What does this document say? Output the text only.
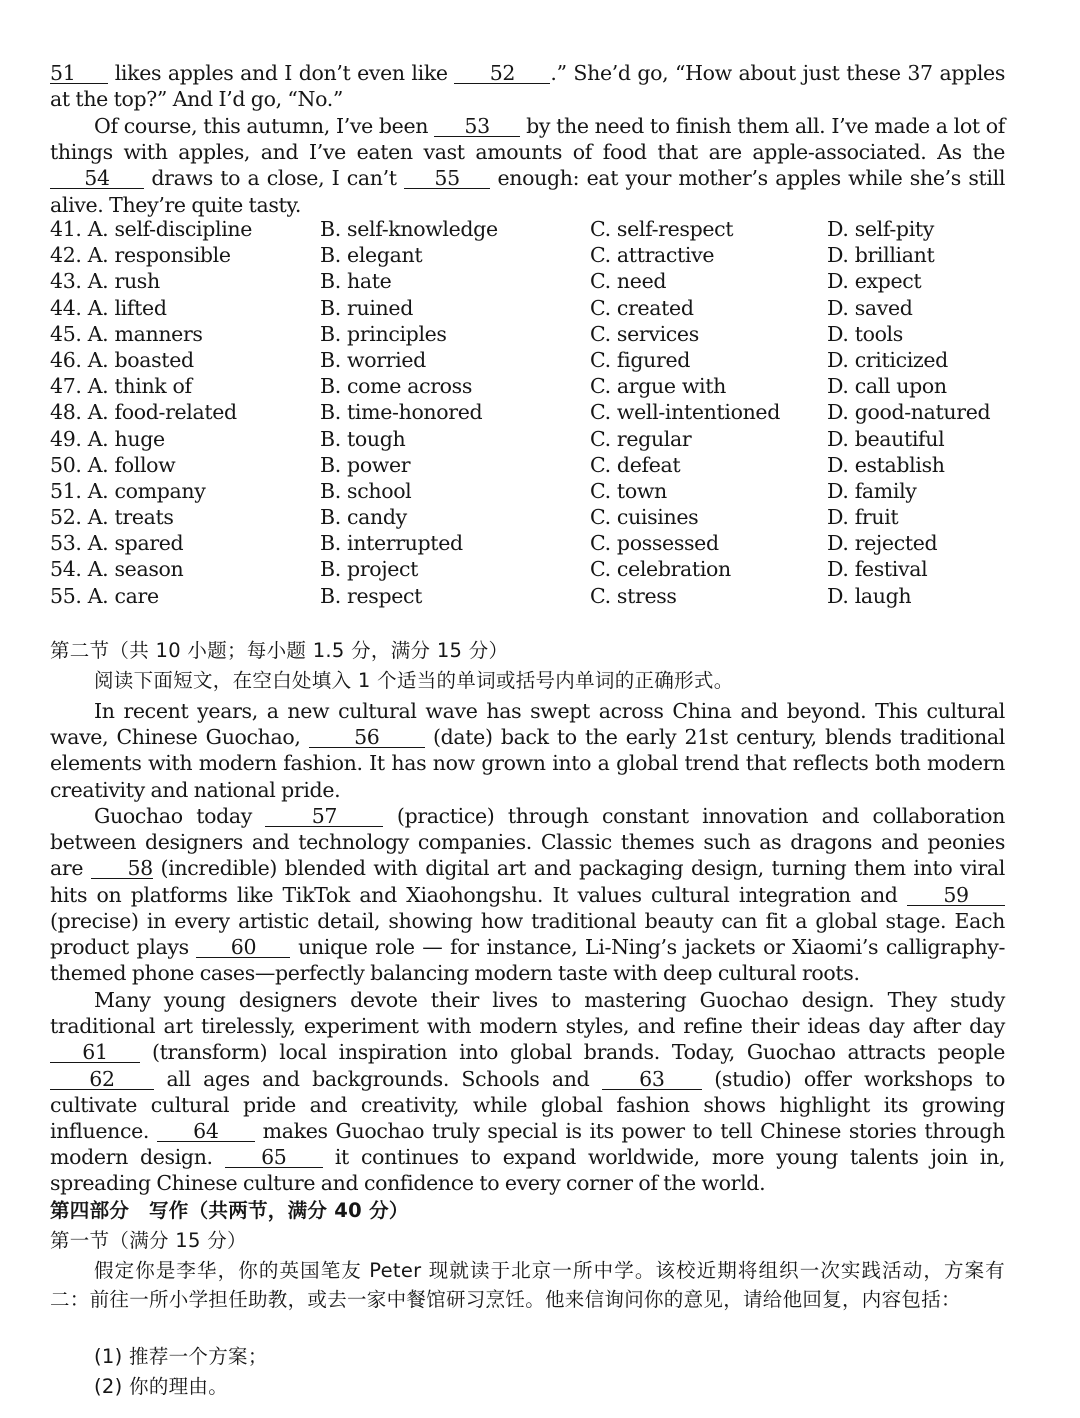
51 likes apples and I don’t even like 52 .” She’d go, “How about just these 37 apples at the top?” And I’d go, “No.”

Of course, this autumn, I’ve been 53 by the need to finish them all. I’ve made a lot of things with apples, and I’ve eaten vast amounts of food that are apple-associated. As the 54 draws to a close, I can’t 55 enough: eat your mother’s apples while she’s still alive. They’re quite tasty.

41. A. self-discipline	B. self-knowledge	C. self-respect	D. self-pity
42. A. responsible	B. elegant	C. attractive	D. brilliant
43. A. rush	B. hate	C. need	D. expect
44. A. lifted	B. ruined	C. created	D. saved
45. A. manners	B. principles	C. services	D. tools
46. A. boasted	B. worried	C. figured	D. criticized
47. A. think of	B. come across	C. argue with	D. call upon
48. A. food-related	B. time-honored	C. well-intentioned D. good-natured
49. A. huge	B. tough	C. regular	D. beautiful
50. A. follow	B. power	C. defeat	D. establish
51. A. company	B. school	C. town	D. family
52. A. treats	B. candy	C. cuisines	D. fruit
53. A. spared	B. interrupted	C. possessed	D. rejected
54. A. season	B. project	C. celebration	D. festival
55. A. care	B. respect	C. stress	D. laugh

第二节（共 10 小题；每小题 1.5 分，满分 15 分）

阅读下面短文，在空白处填入 1 个适当的单词或括号内单词的正确形式。

In recent years, a new cultural wave has swept across China and beyond. This cultural wave, Chinese Guochao,	56	(date) back to the early 21st century, blends traditional elements with modern fashion. It has now grown into a global trend that reflects both modern creativity and national pride.

Guochao today	57	(practice) through constant innovation and collaboration between designers and technology companies. Classic themes such as dragons and peonies are 58 (incredible) blended with digital art and packaging design, turning them into viral hits on platforms like TikTok and Xiaohongshu. It values cultural integration and 59 (precise) in every artistic detail, showing how traditional beauty can fit a global stage. Each product plays 60 unique role — for instance, Li-Ning’s jackets or Xiaomi’s calligraphy-themed phone cases—perfectly balancing modern taste with deep cultural roots.

Many young designers devote their lives to mastering Guochao design. They study traditional art tirelessly, experiment with modern styles, and refine their ideas day after day 61 (transform) local inspiration into global brands. Today, Guochao attracts people 62	all ages and backgrounds. Schools and 63 (studio) offer workshops to cultivate cultural pride and creativity, while global fashion shows highlight its growing influence. 64 makes Guochao truly special is its power to tell Chinese stories through modern design. 65 it continues to expand worldwide, more young talents join in, spreading Chinese culture and confidence to every corner of the world.

第四部分　写作（共两节，满分 40 分）

第一节（满分 15 分）

假定你是李华，你的英国笔友 Peter 现就读于北京一所中学。该校近期将组织一次实践活动，方案有二：前往一所小学担任助教，或去一家中餐馆研习烹饪。他来信询问你的意见，请给他回复，内容包括：

(1) 推荐一个方案；

(2) 你的理由。
